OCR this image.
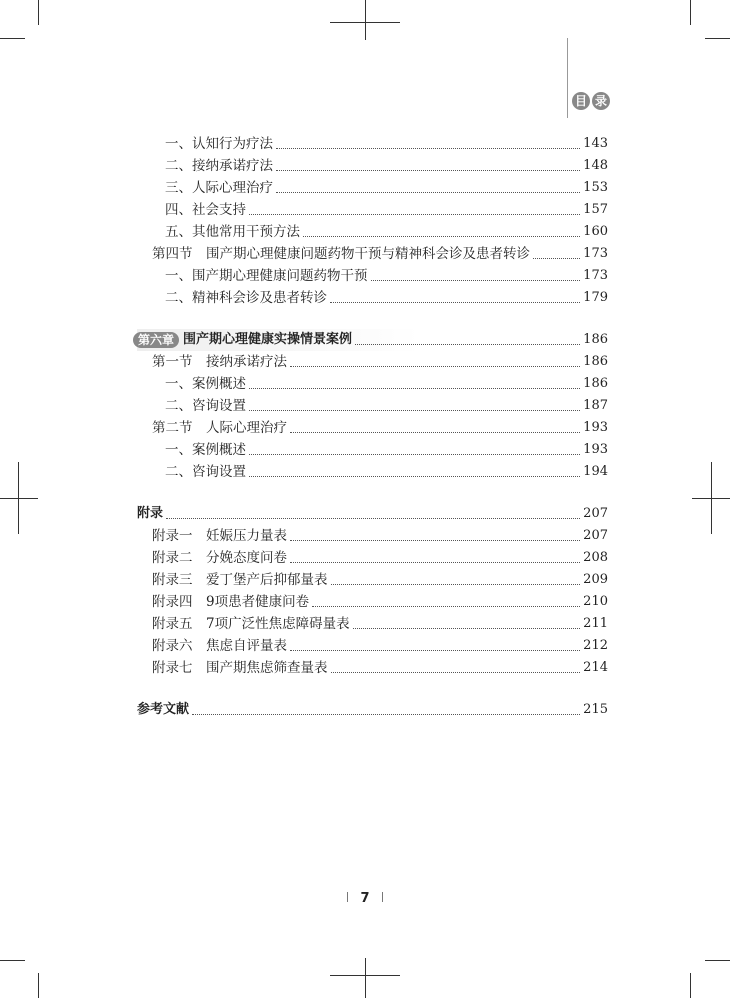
目 录
一、认知行为疗法	143
二、接纳承诺疗法	148
三、人际心理治疗	153
四、社会支持	157
五、其他常用干预方法	160
第四节　围产期心理健康问题药物干预与精神科会诊及患者转诊	173
一、围产期心理健康问题药物干预	173
二、精神科会诊及患者转诊	179
第六章 围产期心理健康实操情景案例	186
第一节　接纳承诺疗法	186
一、案例概述	186
二、咨询设置	187
第二节　人际心理治疗	193
一、案例概述	193
二、咨询设置	194
附录	207
附录一　妊娠压力量表	207
附录二　分娩态度问卷	208
附录三　爱丁堡产后抑郁量表	209
附录四　9项患者健康问卷	210
附录五　7项广泛性焦虑障碍量表	211
附录六　焦虑自评量表	212
附录七　围产期焦虑筛查量表	214
参考文献	215
7
